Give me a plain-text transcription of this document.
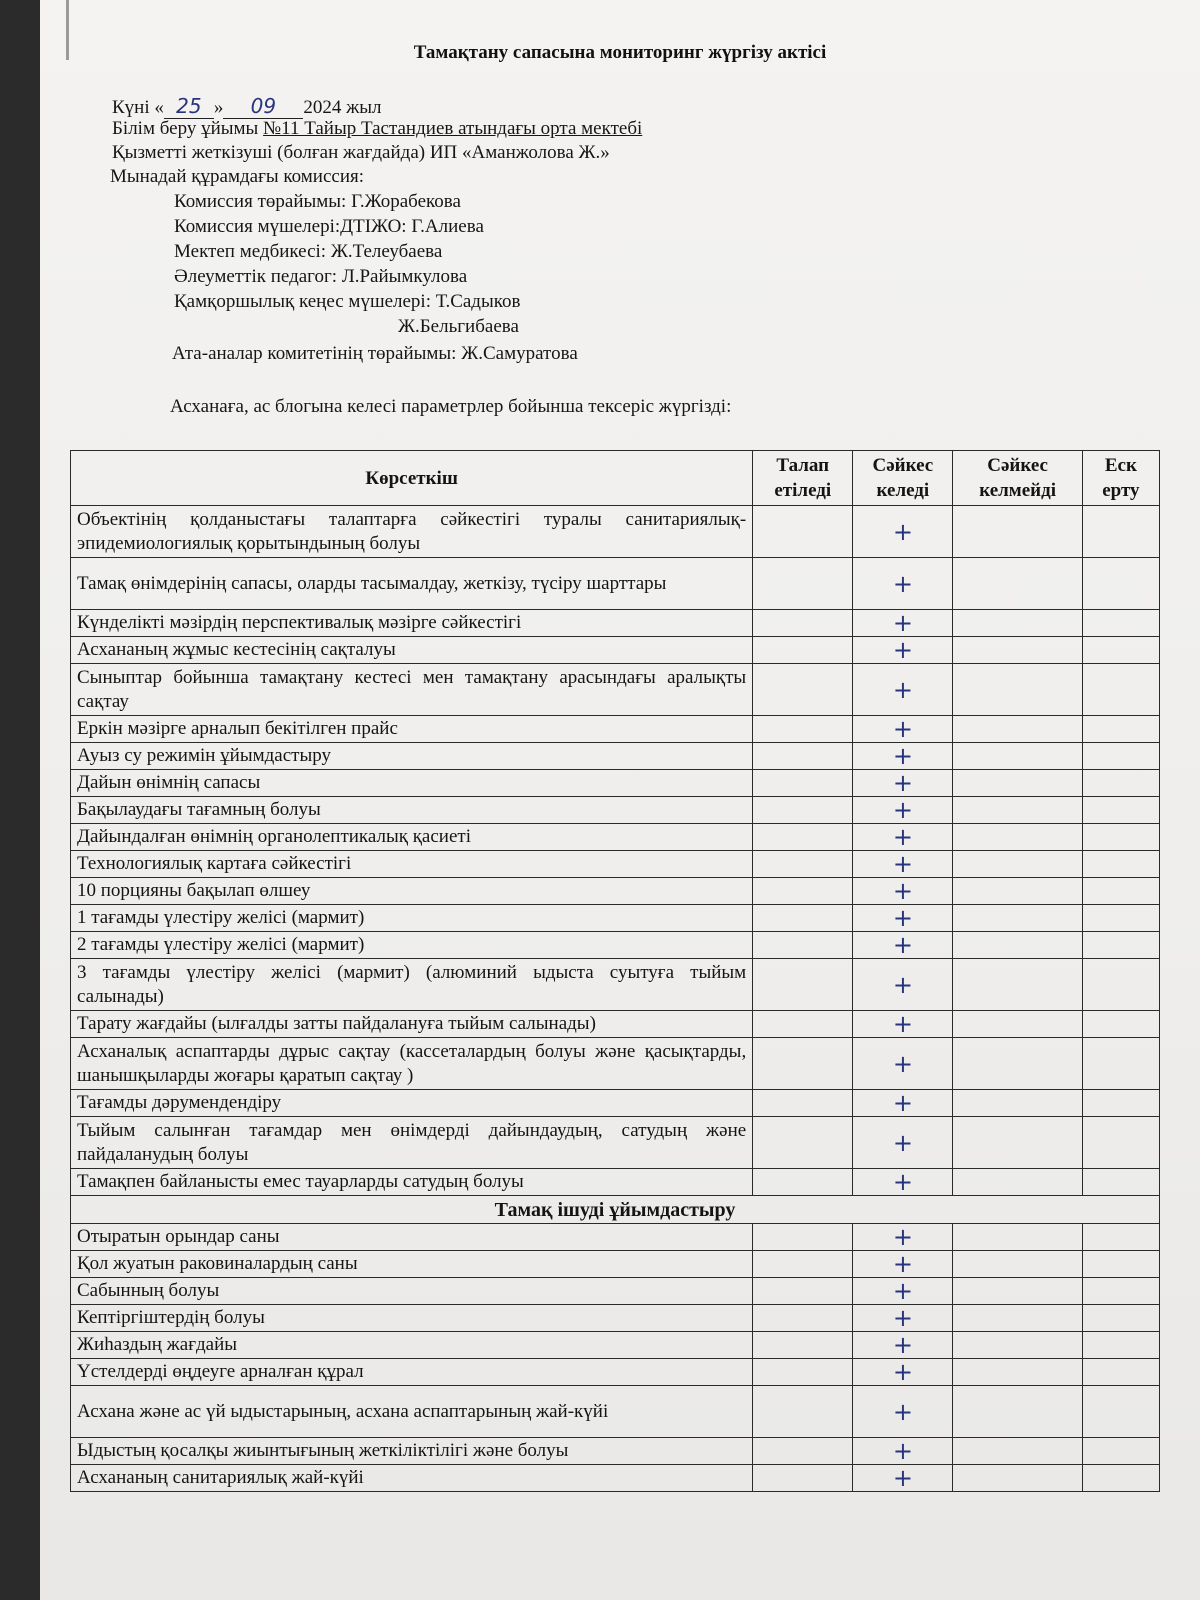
Тамақтану сапасына мониторинг жүргізу актісі
Күні « 25 » 09 2024 жыл
Білім беру ұйымы №11 Тайыр Тастандиев атындағы орта мектебі
Қызметті жеткізуші (болған жағдайда) ИП «Аманжолова Ж.»
Мынадай құрамдағы комиссия:
Комиссия төрайымы: Г.Жорабекова
Комиссия мүшелері:ДТІЖО: Г.Алиева
Мектеп медбикесі: Ж.Телеубаева
Әлеуметтік педагог: Л.Райымкулова
Қамқоршылық кеңес мүшелері: Т.Садыков
Ж.Бельгибаева
Ата-аналар комитетінің төрайымы: Ж.Самуратова
Асханаға, ас блогына келесі параметрлер бойынша тексеріс жүргізді:
Көрсеткіш	Талап етіледі	Сәйкес келеді	Сәйкес келмейді	Еск ерту
Объектінің қолданыстағы талаптарға сәйкестігі туралы санитариялық-эпидемиологиялық қорытындының болуы		+		
Тамақ өнімдерінің сапасы, оларды тасымалдау, жеткізу, түсіру шарттары		+		
Күнделікті мәзірдің перспективалық мәзірге сәйкестігі		+		
Асхананың жұмыс кестесінің сақталуы		+		
Сыныптар бойынша тамақтану кестесі мен тамақтану арасындағы аралықты сақтау		+		
Еркін мәзірге арналып бекітілген прайс		+		
Ауыз су режимін ұйымдастыру		+		
Дайын өнімнің сапасы		+		
Бақылаудағы тағамның болуы		+		
Дайындалған өнімнің органолептикалық қасиеті		+		
Технологиялық картаға сәйкестігі		+		
10 порцияны бақылап өлшеу		+		
1 тағамды үлестіру желісі (мармит)		+		
2 тағамды үлестіру желісі (мармит)		+		
3 тағамды үлестіру желісі (мармит) (алюминий ыдыста суытуға тыйым салынады)		+		
Тарату жағдайы (ылғалды затты пайдалануға тыйым салынады)		+		
Асханалық аспаптарды дұрыс сақтау (кассеталардың болуы және қасықтарды, шанышқыларды жоғары қаратып сақтау )		+		
Тағамды дәрумендендіру		+		
Тыйым салынған тағамдар мен өнімдерді дайындаудың, сатудың және пайдаланудың болуы		+		
Тамақпен байланысты емес тауарларды сатудың болуы		+		
Тамақ ішуді ұйымдастыру				
Отыратын орындар саны		+		
Қол жуатын раковиналардың саны		+		
Сабынның болуы		+		
Кептіргіштердің болуы		+		
Жиһаздың жағдайы		+		
Үстелдерді өңдеуге арналған құрал		+		
Асхана және ас үй ыдыстарының, асхана аспаптарының жай-күйі		+		
Ыдыстың қосалқы жиынтығының жеткіліктілігі және болуы		+		
Асхананың санитариялық жай-күйі		+		
